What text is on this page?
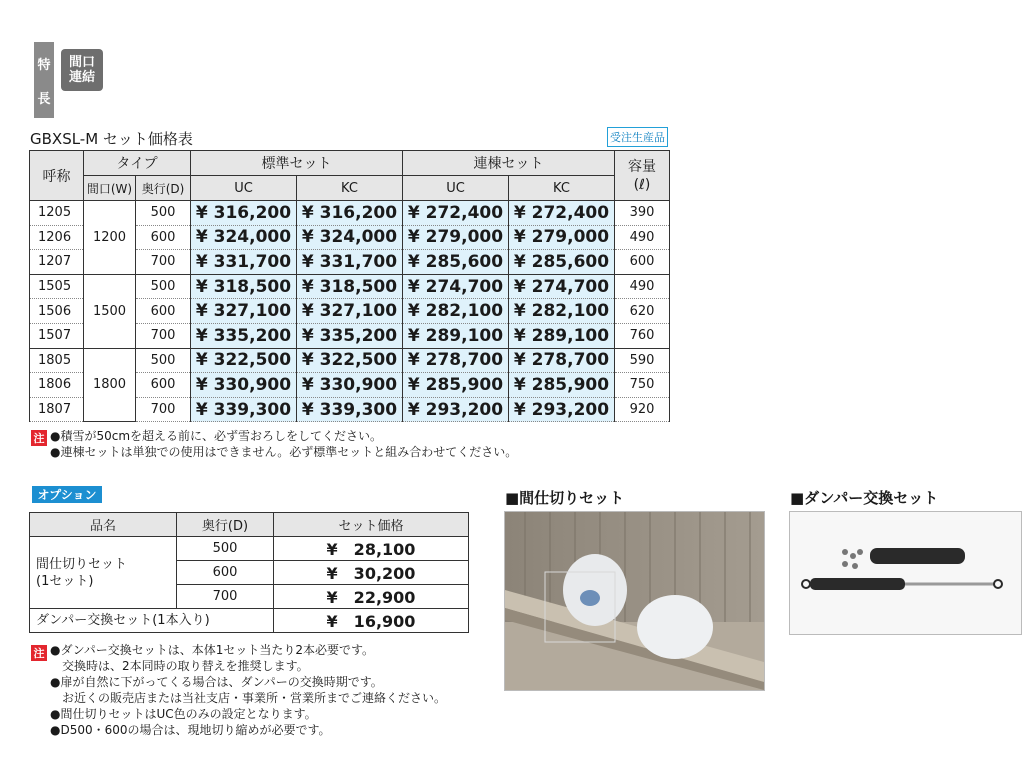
特
長
間口
連結
GBXSL-M セット価格表	受注生産品
呼称	タイプ		標準セット		連棟セット		容量
(ℓ)
	間口(W)	奥行(D)	UC	KC	UC	KC	
1205	1200	500	¥ 316,200	¥ 316,200	¥ 272,400	¥ 272,400	390
1206		600	¥ 324,000	¥ 324,000	¥ 279,000	¥ 279,000	490
1207		700	¥ 331,700	¥ 331,700	¥ 285,600	¥ 285,600	600
1505	1500	500	¥ 318,500	¥ 318,500	¥ 274,700	¥ 274,700	490
1506		600	¥ 327,100	¥ 327,100	¥ 282,100	¥ 282,100	620
1507		700	¥ 335,200	¥ 335,200	¥ 289,100	¥ 289,100	760
1805	1800	500	¥ 322,500	¥ 322,500	¥ 278,700	¥ 278,700	590
1806		600	¥ 330,900	¥ 330,900	¥ 285,900	¥ 285,900	750
1807		700	¥ 339,300	¥ 339,300	¥ 293,200	¥ 293,200	920
注 ●積雪が50cmを超える前に、必ず雪おろしをしてください。
●連棟セットは単独での使用はできません。必ず標準セットと組み合わせてください。
オプション
品名	奥行(D)	セット価格
間仕切りセット
(1セット)	500	¥　28,100
	600	¥　30,200
	700	¥　22,900
ダンパー交換セット(1本入り)		¥　16,900
注 ●ダンパー交換セットは、本体1セット当たり2本必要です。
　交換時は、2本同時の取り替えを推奨します。
●扉が自然に下がってくる場合は、ダンパーの交換時期です。
　お近くの販売店または当社支店・事業所・営業所までご連絡ください。
●間仕切りセットはUC色のみの設定となります。
●D500・600の場合は、現地切り縮めが必要です。
■間仕切りセット	■ダンパー交換セット
